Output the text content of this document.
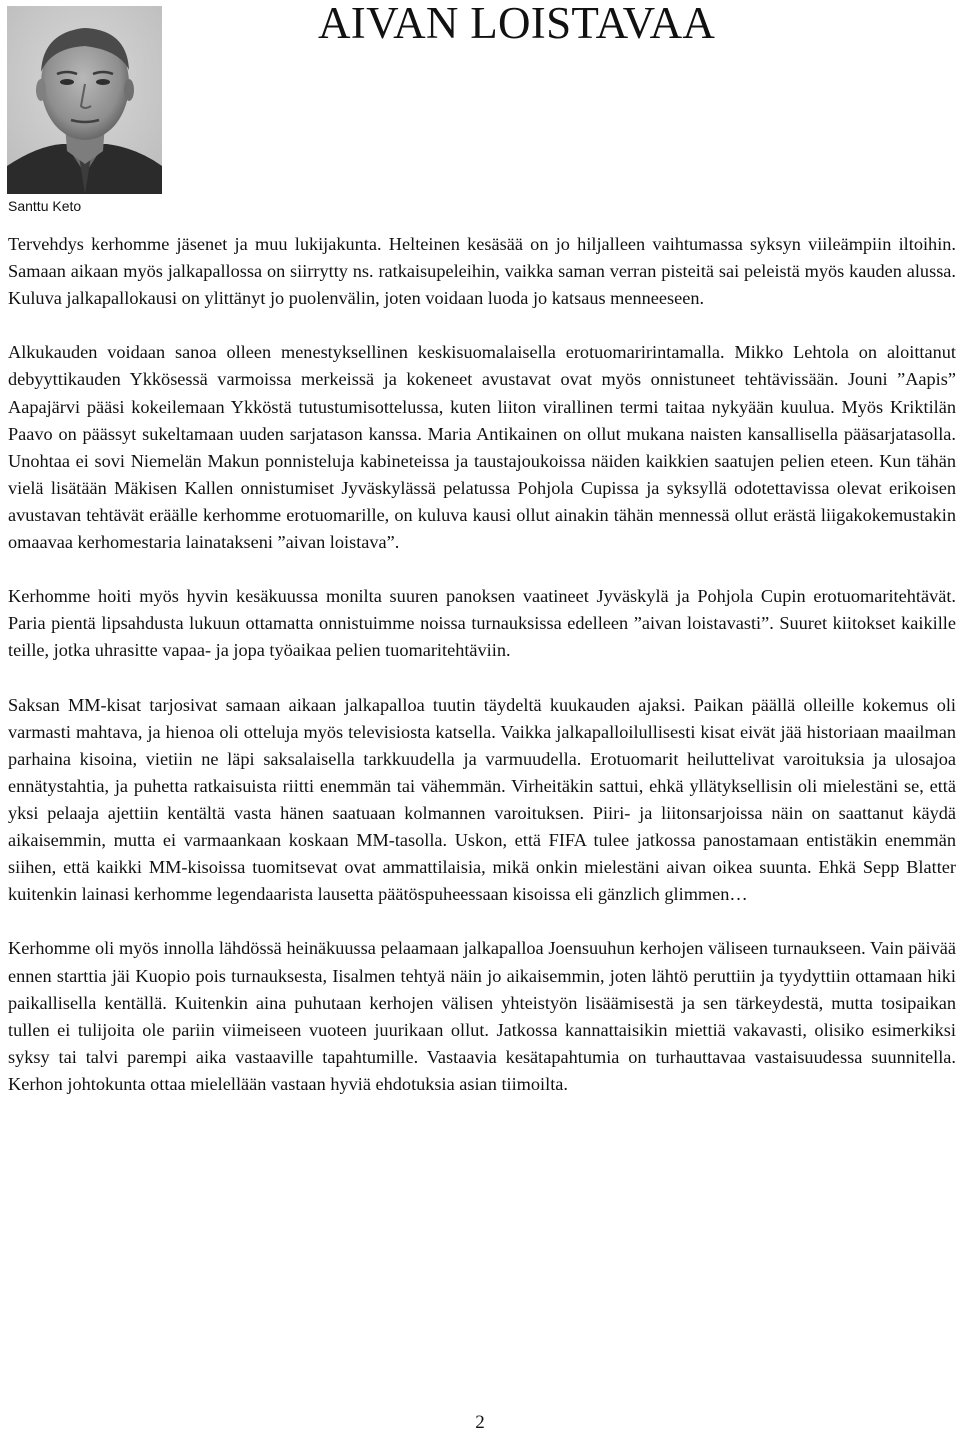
Santtu Keto
AIVAN LOISTAVAA

Tervehdys kerhomme jäsenet ja muu lukijakunta. Helteinen kesäsää on jo hiljalleen vaihtumassa syksyn viileämpiin iltoihin. Samaan aikaan myös jalkapallossa on siirrytty ns. ratkaisupeleihin, vaikka saman verran pisteitä sai peleistä myös kauden alussa. Kuluva jalkapallokausi on ylittänyt jo puolenvälin, joten voidaan luoda jo katsaus menneeseen.

Alkukauden voidaan sanoa olleen menestyksellinen keskisuomalaisella erotuomaririntamalla. Mikko Lehtola on aloittanut debyyttikauden Ykkösessä varmoissa merkeissä ja kokeneet avustavat ovat myös onnistuneet tehtävissään. Jouni ”Aapis” Aapajärvi pääsi kokeilemaan Ykköstä tutustumisottelussa, kuten liiton virallinen termi taitaa nykyään kuulua. Myös Kriktilän Paavo on päässyt sukeltamaan uuden sarjatason kanssa. Maria Antikainen on ollut mukana naisten kansallisella pääsarjatasolla. Unohtaa ei sovi Niemelän Makun ponnisteluja kabineteissa ja taustajoukoissa näiden kaikkien saatujen pelien eteen. Kun tähän vielä lisätään Mäkisen Kallen onnistumiset Jyväskylässä pelatussa Pohjola Cupissa ja syksyllä odotettavissa olevat erikoisen avustavan tehtävät eräälle kerhomme erotuomarille, on kuluva kausi ollut ainakin tähän mennessä ollut erästä liigakokemustakin omaavaa kerhomestaria lainatakseni ”aivan loistava”.

Kerhomme hoiti myös hyvin kesäkuussa monilta suuren panoksen vaatineet Jyväskylä ja Pohjola Cupin erotuomaritehtävät. Paria pientä lipsahdusta lukuun ottamatta onnistuimme noissa turnauksissa edelleen ”aivan loistavasti”. Suuret kiitokset kaikille teille, jotka uhrasitte vapaa- ja jopa työaikaa pelien tuomaritehtäviin.

Saksan MM-kisat tarjosivat samaan aikaan jalkapalloa tuutin täydeltä kuukauden ajaksi. Paikan päällä olleille kokemus oli varmasti mahtava, ja hienoa oli otteluja myös televisiosta katsella. Vaikka jalkapalloilullisesti kisat eivät jää historiaan maailman parhaina kisoina, vietiin ne läpi saksalaisella tarkkuudella ja varmuudella. Erotuomarit heiluttelivat varoituksia ja ulosajoa ennätystahtia, ja puhetta ratkaisuista riitti enemmän tai vähemmän. Virheitäkin sattui, ehkä yllätyksellisin oli mielestäni se, että yksi pelaaja ajettiin kentältä vasta hänen saatuaan kolmannen varoituksen. Piiri- ja liitonsarjoissa näin on saattanut käydä aikaisemmin, mutta ei varmaankaan koskaan MM-tasolla. Uskon, että FIFA tulee jatkossa panostamaan entistäkin enemmän siihen, että kaikki MM-kisoissa tuomitsevat ovat ammattilaisia, mikä onkin mielestäni aivan oikea suunta. Ehkä Sepp Blatter kuitenkin lainasi kerhomme legendaarista lausetta päätöspuheessaan kisoissa eli gänzlich glimmen…

Kerhomme oli myös innolla lähdössä heinäkuussa pelaamaan jalkapalloa Joensuuhun kerhojen väliseen turnaukseen. Vain päivää ennen starttia jäi Kuopio pois turnauksesta, Iisalmen tehtyä näin jo aikaisemmin, joten lähtö peruttiin ja tyydyttiin ottamaan hiki paikallisella kentällä. Kuitenkin aina puhutaan kerhojen välisen yhteistyön lisäämisestä ja sen tärkeydestä, mutta tosipaikan tullen ei tulijoita ole pariin viimeiseen vuoteen juurikaan ollut. Jatkossa kannattaisikin miettiä vakavasti, olisiko esimerkiksi syksy tai talvi parempi aika vastaaville tapahtumille. Vastaavia kesätapahtumia on turhauttavaa vastaisuudessa suunnitella. Kerhon johtokunta ottaa mielellään vastaan hyviä ehdotuksia asian tiimoilta.

2
